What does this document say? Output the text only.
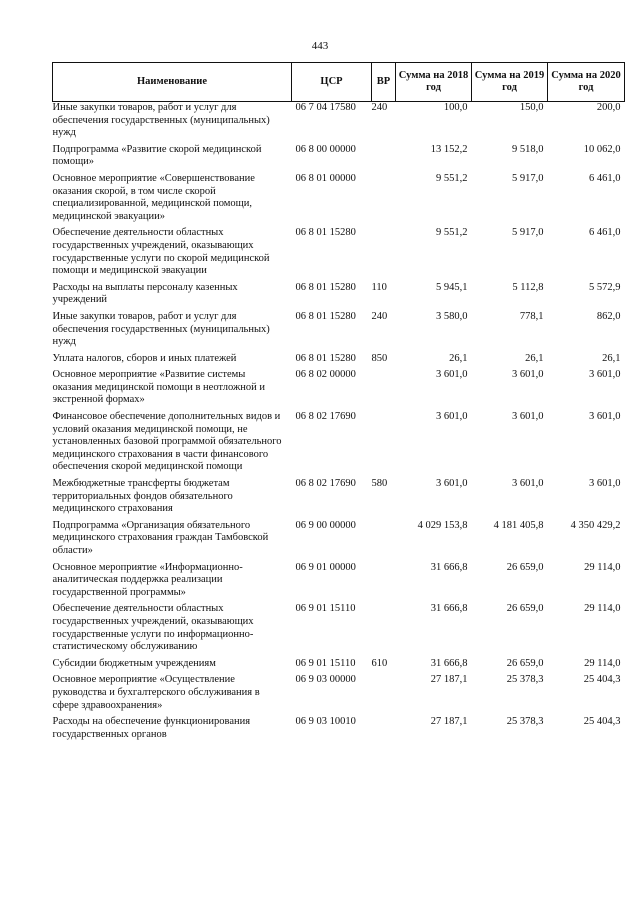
443
Наименование	ЦСР	ВР	Сумма на 2018 год	Сумма на 2019 год	Сумма на 2020 год
Иные закупки товаров, работ и услуг для обеспечения государственных (муниципальных) нужд	06 7 04 17580	240	100,0	150,0	200,0
Подпрограмма «Развитие скорой медицинской помощи»	06 8 00 00000		13 152,2	9 518,0	10 062,0
Основное мероприятие «Совершенствование оказания скорой, в том числе скорой специализированной, медицинской помощи, медицинской эвакуации»	06 8 01 00000		9 551,2	5 917,0	6 461,0
Обеспечение деятельности областных государственных учреждений, оказывающих государственные услуги по скорой медицинской помощи и медицинской эвакуации	06 8 01 15280		9 551,2	5 917,0	6 461,0
Расходы на выплаты персоналу казенных учреждений	06 8 01 15280	110	5 945,1	5 112,8	5 572,9
Иные закупки товаров, работ и услуг для обеспечения государственных (муниципальных) нужд	06 8 01 15280	240	3 580,0	778,1	862,0
Уплата налогов, сборов и иных платежей	06 8 01 15280	850	26,1	26,1	26,1
Основное мероприятие «Развитие системы оказания медицинской помощи в неотложной и экстренной формах»	06 8 02 00000		3 601,0	3 601,0	3 601,0
Финансовое обеспечение дополнительных видов и условий оказания медицинской помощи, не установленных базовой программой обязательного медицинского страхования в части финансового обеспечения скорой медицинской помощи	06 8 02 17690		3 601,0	3 601,0	3 601,0
Межбюджетные трансферты бюджетам территориальных фондов обязательного медицинского страхования	06 8 02 17690	580	3 601,0	3 601,0	3 601,0
Подпрограмма «Организация обязательного медицинского страхования граждан Тамбовской области»	06 9 00 00000		4 029 153,8	4 181 405,8	4 350 429,2
Основное мероприятие «Информационно-аналитическая поддержка реализации государственной программы»	06 9 01 00000		31 666,8	26 659,0	29 114,0
Обеспечение деятельности областных государственных учреждений, оказывающих государственные услуги по информационно-статистическому обслуживанию	06 9 01 15110		31 666,8	26 659,0	29 114,0
Субсидии бюджетным учреждениям	06 9 01 15110	610	31 666,8	26 659,0	29 114,0
Основное мероприятие «Осуществление руководства и бухгалтерского обслуживания в сфере здравоохранения»	06 9 03 00000		27 187,1	25 378,3	25 404,3
Расходы на обеспечение функционирования государственных органов	06 9 03 10010		27 187,1	25 378,3	25 404,3
